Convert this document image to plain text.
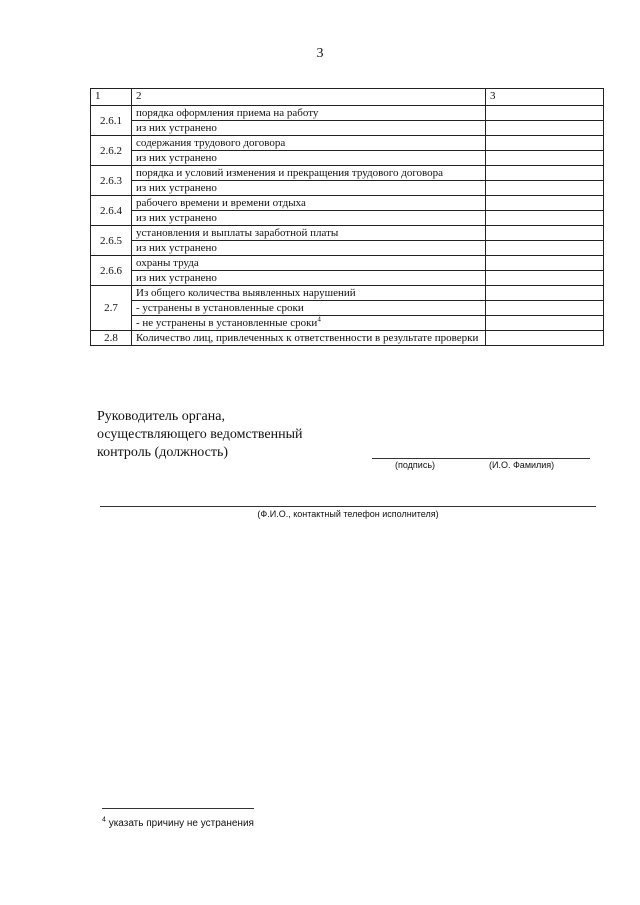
3
1	2	3
2.6.1	порядка оформления приема на работу	
	из них устранено	
2.6.2	содержания трудового договора	
	из них устранено	
2.6.3	порядка и условий изменения и прекращения трудового договора	
	из них устранено	
2.6.4	рабочего времени и времени отдыха	
	из них устранено	
2.6.5	установления и выплаты заработной платы	
	из них устранено	
2.6.6	охраны труда	
	из них устранено	
2.7	Из общего количества выявленных нарушений	
	- устранены в установленные сроки	
	- не устранены в установленные сроки$^4$	
2.8	Количество лиц, привлеченных к ответственности в результате проверки	
Руководитель органа,
осуществляющего ведомственный
контроль (должность)
(подпись)	(И.О. Фамилия)
(Ф.И.О., контактный телефон исполнителя)
$^4$ указать причину не устранения
